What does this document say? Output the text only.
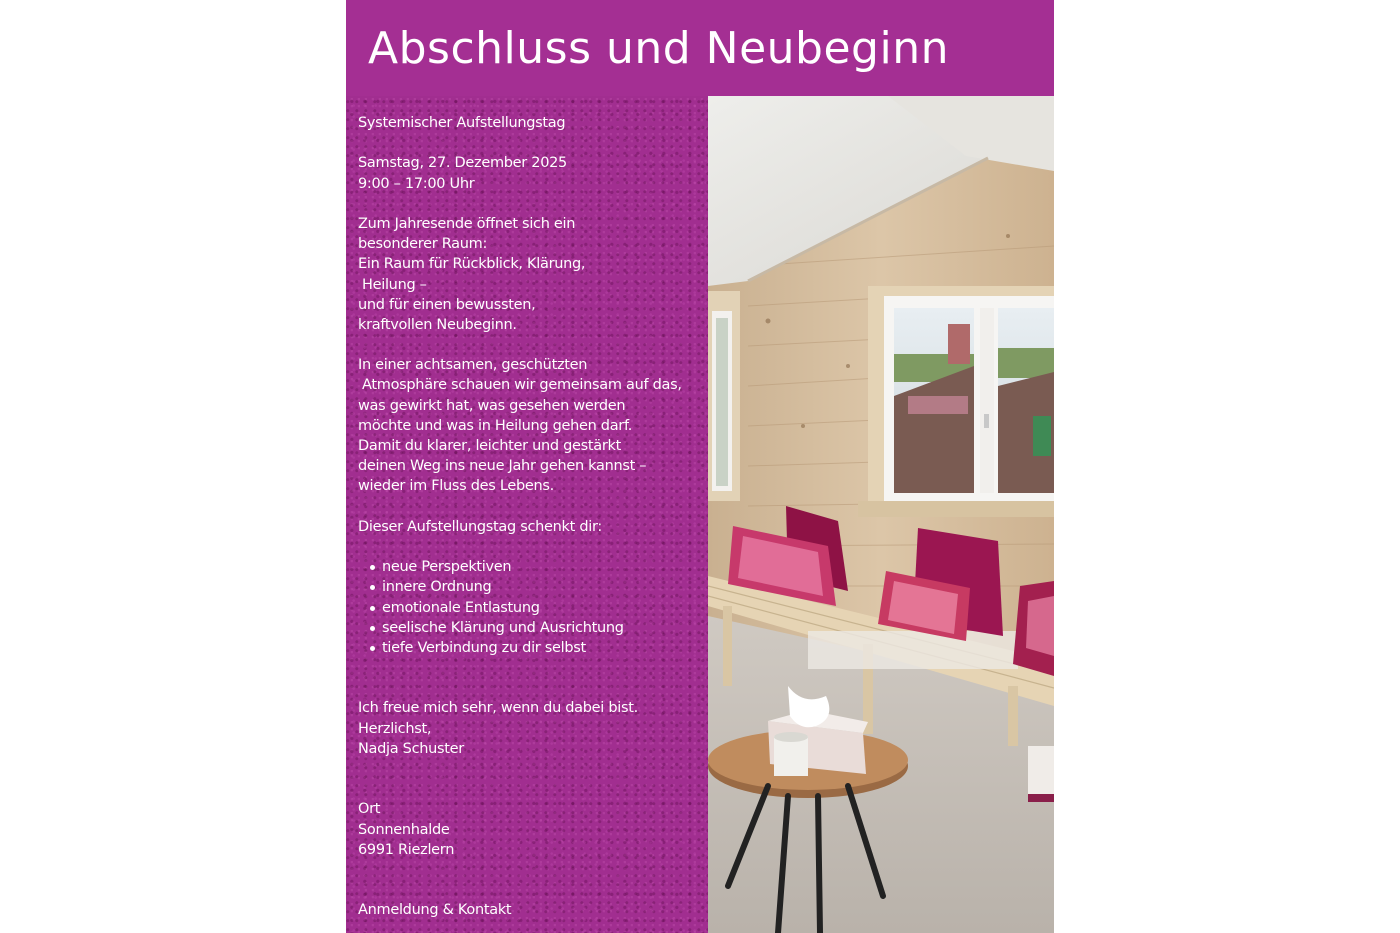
Abschluss und Neubeginn
Systemischer Aufstellungstag
Samstag, 27. Dezember 2025
9:00 – 17:00 Uhr
Zum Jahresende öffnet sich ein
besonderer Raum:
Ein Raum für Rückblick, Klärung,
Heilung –
und für einen bewussten,
kraftvollen Neubeginn.
In einer achtsamen, geschützten
Atmosphäre schauen wir gemeinsam auf das,
was gewirkt hat, was gesehen werden
möchte und was in Heilung gehen darf.
Damit du klarer, leichter und gestärkt
deinen Weg ins neue Jahr gehen kannst –
wieder im Fluss des Lebens.
Dieser Aufstellungstag schenkt dir:
neue Perspektiven
innere Ordnung
emotionale Entlastung
seelische Klärung und Ausrichtung
tiefe Verbindung zu dir selbst
Ich freue mich sehr, wenn du dabei bist.
Herzlichst,
Nadja Schuster
Ort
Sonnenhalde
6991 Riezlern
Anmeldung & Kontakt
